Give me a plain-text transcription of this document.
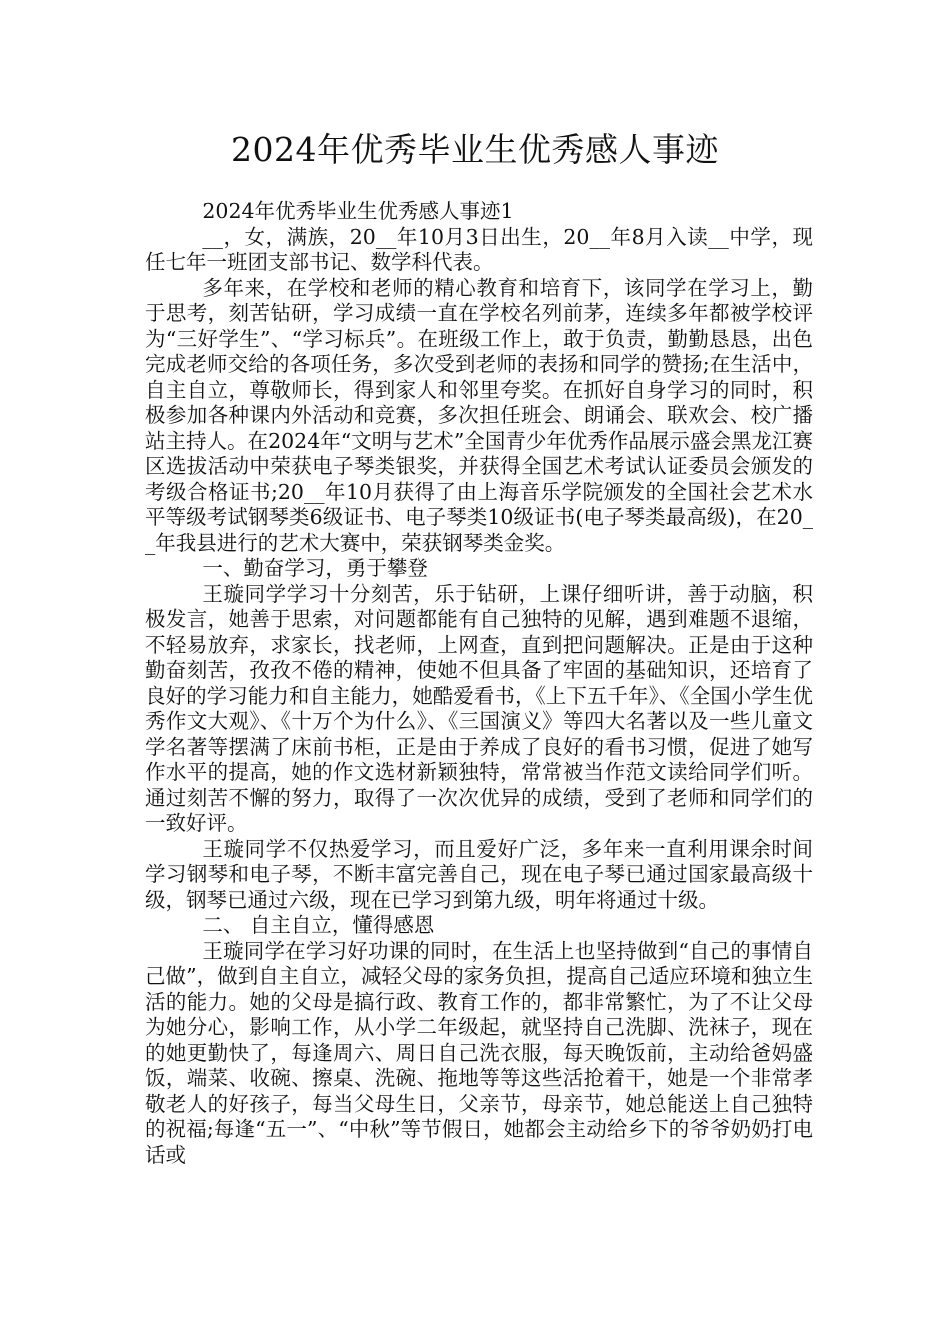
2024年优秀毕业生优秀感人事迹

2024年优秀毕业生优秀感人事迹1

__，女，满族，20__年10月3日出生，20__年8月入读__中学，现任七年一班团支部书记、数学科代表。

多年来，在学校和老师的精心教育和培育下，该同学在学习上，勤于思考，刻苦钻研，学习成绩一直在学校名列前茅，连续多年都被学校评为“三好学生”、“学习标兵”。在班级工作上，敢于负责，勤勤恳恳，出色完成老师交给的各项任务，多次受到老师的表扬和同学的赞扬;在生活中，自主自立，尊敬师长，得到家人和邻里夸奖。在抓好自身学习的同时，积极参加各种课内外活动和竞赛，多次担任班会、朗诵会、联欢会、校广播站主持人。在2024年“文明与艺术”全国青少年优秀作品展示盛会黑龙江赛区选拔活动中荣获电子琴类银奖，并获得全国艺术考试认证委员会颁发的考级合格证书;20__年10月获得了由上海音乐学院颁发的全国社会艺术水平等级考试钢琴类6级证书、电子琴类10级证书(电子琴类最高级)，在20__年我县进行的艺术大赛中，荣获钢琴类金奖。

一、勤奋学习，勇于攀登

王璇同学学习十分刻苦，乐于钻研，上课仔细听讲，善于动脑，积极发言，她善于思索，对问题都能有自己独特的见解，遇到难题不退缩，不轻易放弃，求家长，找老师，上网查，直到把问题解决。正是由于这种勤奋刻苦，孜孜不倦的精神，使她不但具备了牢固的基础知识，还培育了良好的学习能力和自主能力，她酷爱看书，《上下五千年》、《全国小学生优秀作文大观》、《十万个为什么》、《三国演义》等四大名著以及一些儿童文学名著等摆满了床前书柜，正是由于养成了良好的看书习惯，促进了她写作水平的提高，她的作文选材新颖独特，常常被当作范文读给同学们听。通过刻苦不懈的努力，取得了一次次优异的成绩，受到了老师和同学们的一致好评。

王璇同学不仅热爱学习，而且爱好广泛，多年来一直利用课余时间学习钢琴和电子琴，不断丰富完善自己，现在电子琴已通过国家最高级十级，钢琴已通过六级，现在已学习到第九级，明年将通过十级。

二、 自主自立，懂得感恩

王璇同学在学习好功课的同时，在生活上也坚持做到“自己的事情自己做”，做到自主自立，减轻父母的家务负担，提高自己适应环境和独立生活的能力。她的父母是搞行政、教育工作的，都非常繁忙，为了不让父母为她分心，影响工作，从小学二年级起，就坚持自己洗脚、洗袜子，现在的她更勤快了，每逢周六、周日自己洗衣服，每天晚饭前，主动给爸妈盛饭，端菜、收碗、擦桌、洗碗、拖地等等这些活抢着干，她是一个非常孝敬老人的好孩子，每当父母生日，父亲节，母亲节，她总能送上自己独特的祝福;每逢“五一”、“中秋”等节假日，她都会主动给乡下的爷爷奶奶打电话或
